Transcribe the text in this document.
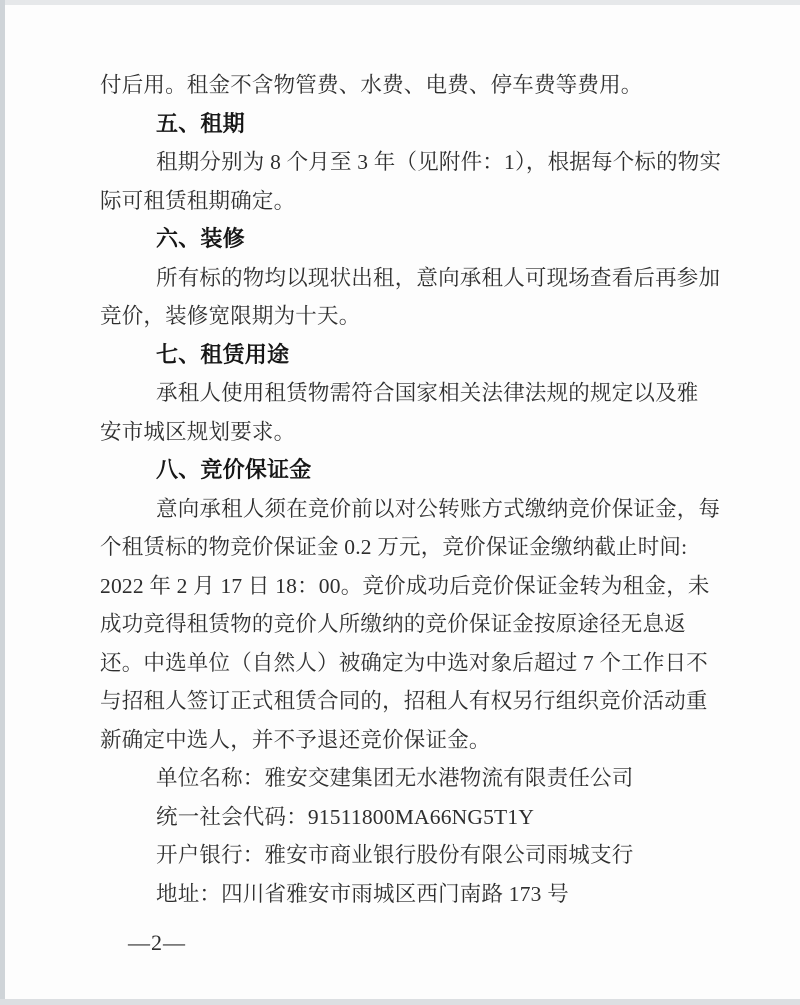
付后用。租金不含物管费、水费、电费、停车费等费用。
五、租期
租期分别为 8 个月至 3 年（见附件：1），根据每个标的物实
际可租赁租期确定。
六、装修
所有标的物均以现状出租，意向承租人可现场查看后再参加
竞价，装修宽限期为十天。
七、租赁用途
承租人使用租赁物需符合国家相关法律法规的规定以及雅
安市城区规划要求。
八、竞价保证金
意向承租人须在竞价前以对公转账方式缴纳竞价保证金，每
个租赁标的物竞价保证金 0.2 万元，竞价保证金缴纳截止时间:
2022 年 2 月 17 日 18：00。竞价成功后竞价保证金转为租金，未
成功竞得租赁物的竞价人所缴纳的竞价保证金按原途径无息返
还。中选单位（自然人）被确定为中选对象后超过 7 个工作日不
与招租人签订正式租赁合同的，招租人有权另行组织竞价活动重
新确定中选人，并不予退还竞价保证金。
单位名称：雅安交建集团无水港物流有限责任公司
统一社会代码：91511800MA66NG5T1Y
开户银行：雅安市商业银行股份有限公司雨城支行
地址：四川省雅安市雨城区西门南路 173 号
—2—
